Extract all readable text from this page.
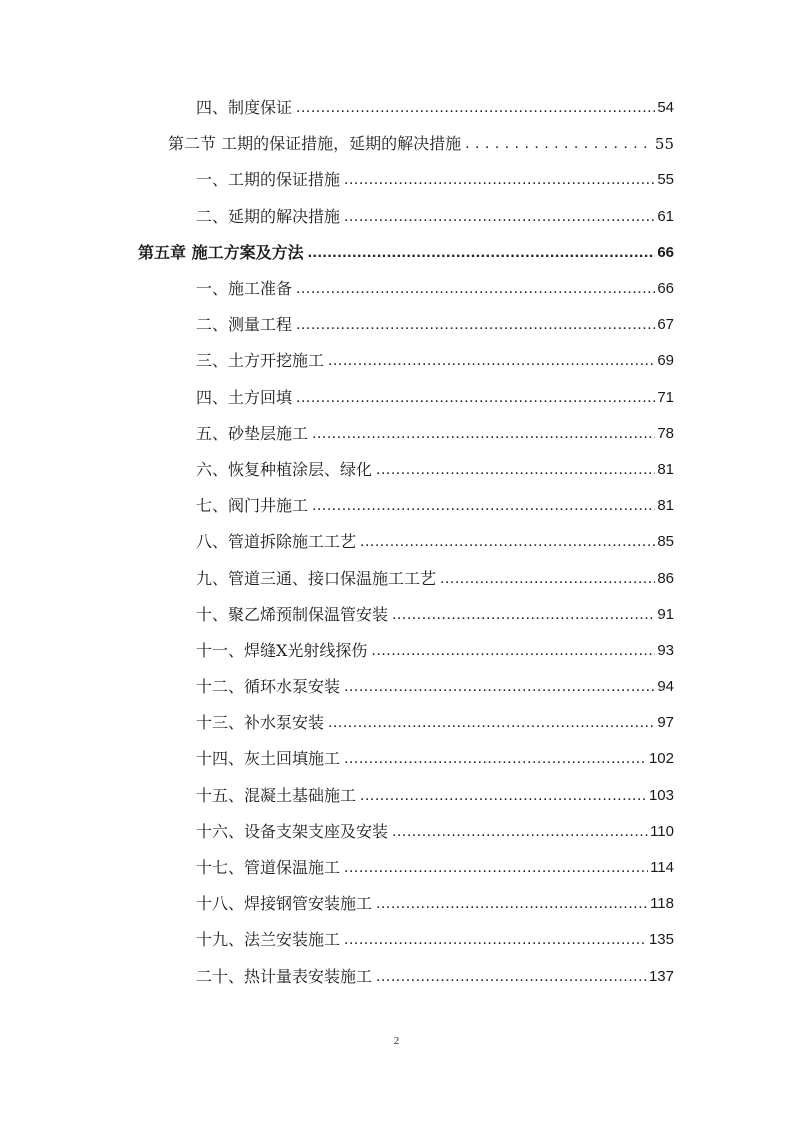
四、制度保证 .....	54
第二节 工期的保证措施，延期的解决措施 . . .	55
一、工期的保证措施 .....	55
二、延期的解决措施 .....	61
第五章 施工方案及方法 .....	66
一、施工准备 .....	66
二、测量工程 .....	67
三、土方开挖施工 .....	69
四、土方回填 .....	71
五、砂垫层施工 .....	78
六、恢复种植涂层、绿化 .....	81
七、阀门井施工 .....	81
八、管道拆除施工工艺 .....	85
九、管道三通、接口保温施工工艺 .....	86
十、聚乙烯预制保温管安装 .....	91
十一、焊缝X光射线探伤 .....	93
十二、循环水泵安装 .....	94
十三、补水泵安装 .....	97
十四、灰土回填施工 .....	102
十五、混凝土基础施工 .....	103
十六、设备支架支座及安装 .....	110
十七、管道保温施工 .....	114
十八、焊接钢管安装施工 .....	118
十九、法兰安装施工 .....	135
二十、热计量表安装施工 .....	137
2
